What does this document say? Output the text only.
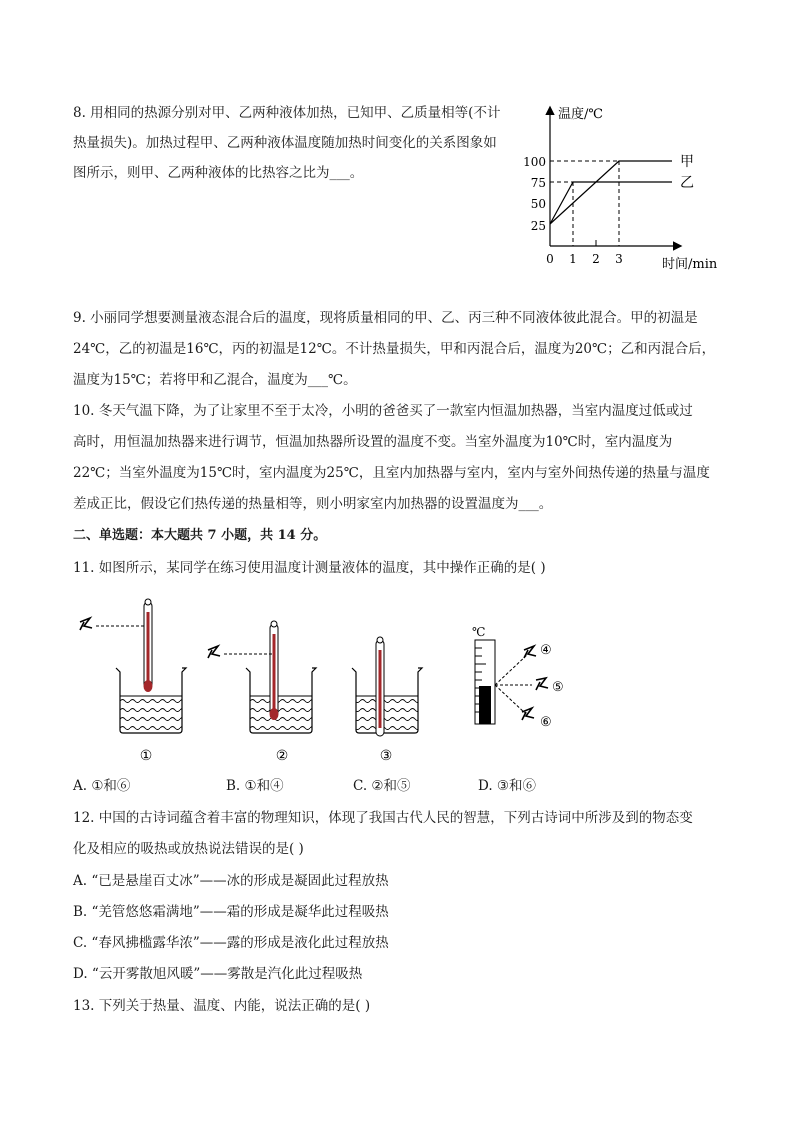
8. 用相同的热源分别对甲、乙两种液体加热，已知甲、乙质量相等(不计
热量损失)。加热过程甲、乙两种液体温度随加热时间变化的关系图象如
图所示，则甲、乙两种液体的比热容之比为___。
温度/℃
时间/min
100
75
50
25
0 1 2 3
甲
乙
9. 小丽同学想要测量液态混合后的温度，现将质量相同的甲、乙、丙三种不同液体彼此混合。甲的初温是
24℃，乙的初温是16℃，丙的初温是12℃。不计热量损失，甲和丙混合后，温度为20℃；乙和丙混合后，
温度为15℃；若将甲和乙混合，温度为___℃。
10. 冬天气温下降，为了让家里不至于太冷，小明的爸爸买了一款室内恒温加热器，当室内温度过低或过
高时，用恒温加热器来进行调节，恒温加热器所设置的温度不变。当室外温度为10℃时，室内温度为
22℃；当室外温度为15℃时，室内温度为25℃，且室内加热器与室内，室内与室外间热传递的热量与温度
差成正比，假设它们热传递的热量相等，则小明家室内加热器的设置温度为___。
二、单选题：本大题共 7 小题，共 14 分。
11. 如图所示，某同学在练习使用温度计测量液体的温度，其中操作正确的是( )
①	②	③
℃
④
⑤
⑥
A. ①和⑥	B. ①和④	C. ②和⑤	D. ③和⑥
12. 中国的古诗词蕴含着丰富的物理知识，体现了我国古代人民的智慧，下列古诗词中所涉及到的物态变
化及相应的吸热或放热说法错误的是( )
A. “已是悬崖百丈冰”——冰的形成是凝固此过程放热
B. “羌管悠悠霜满地”——霜的形成是凝华此过程吸热
C. “春风拂槛露华浓”——露的形成是液化此过程放热
D. “云开雾散旭风暖”——雾散是汽化此过程吸热
13. 下列关于热量、温度、内能，说法正确的是( )
